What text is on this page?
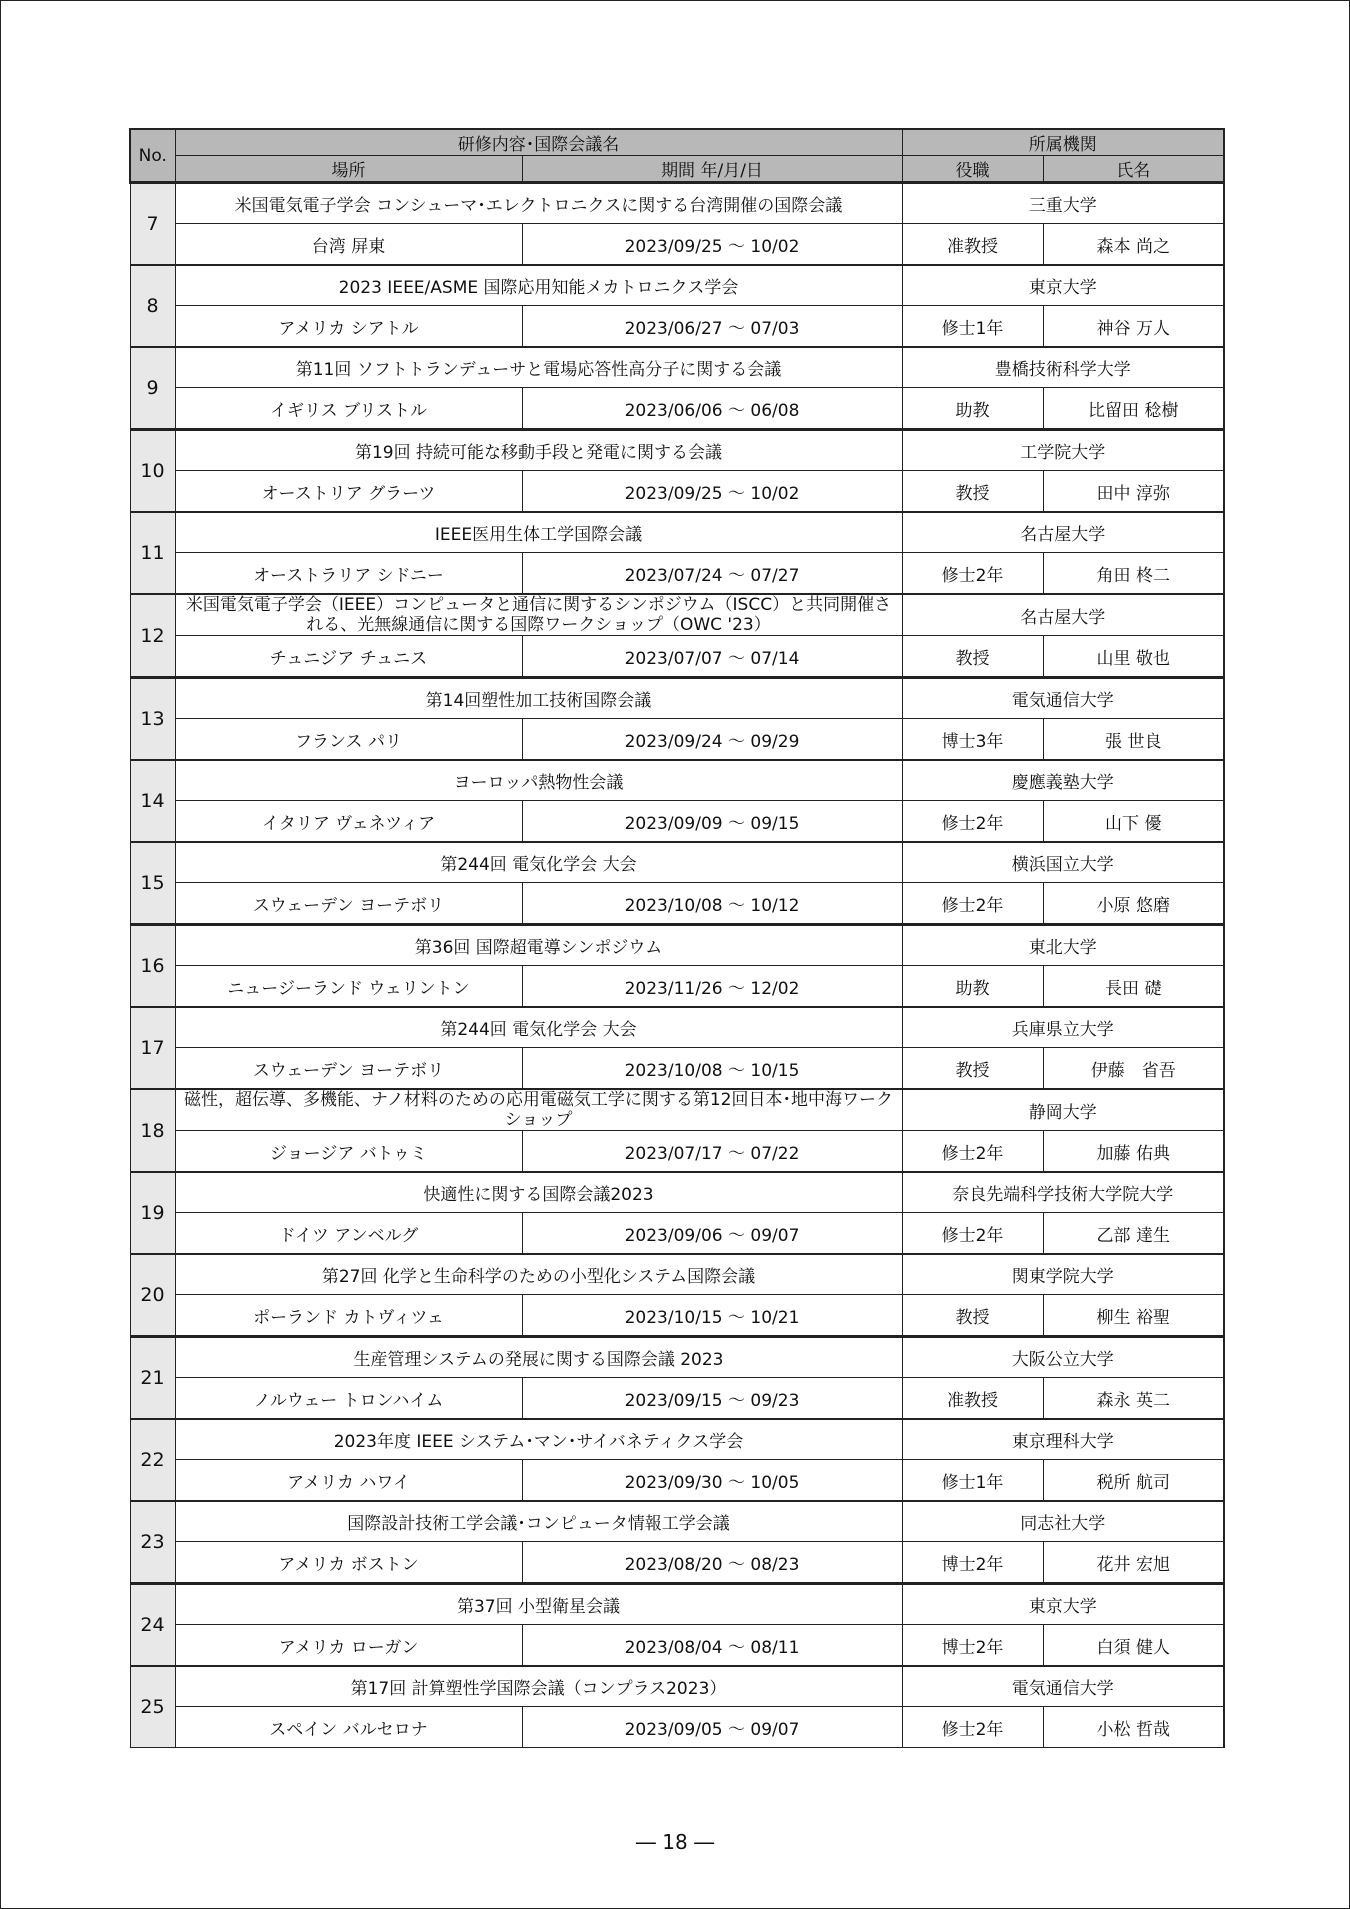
No.	研修内容･国際会議名		所属機関	
	場所	期間 年/月/日	役職	氏名
7	米国電気電子学会 コンシューマ･エレクトロニクスに関する台湾開催の国際会議		三重大学	
	台湾 屏東	2023/09/25 ～ 10/02	准教授	森本 尚之
8	2023 IEEE/ASME 国際応用知能メカトロニクス学会		東京大学	
	アメリカ シアトル	2023/06/27 ～ 07/03	修士1年	神谷 万人
9	第11回 ソフトトランデューサと電場応答性高分子に関する会議		豊橋技術科学大学	
	イギリス ブリストル	2023/06/06 ～ 06/08	助教	比留田 稔樹
10	第19回 持続可能な移動手段と発電に関する会議		工学院大学	
	オーストリア グラーツ	2023/09/25 ～ 10/02	教授	田中 淳弥
11	IEEE医用生体工学国際会議		名古屋大学	
	オーストラリア シドニー	2023/07/24 ～ 07/27	修士2年	角田 柊二
12	米国電気電子学会（IEEE）コンピュータと通信に関するシンポジウム（ISCC）と共同開催される、光無線通信に関する国際ワークショップ（OWC '23）		名古屋大学	
	チュニジア チュニス	2023/07/07 ～ 07/14	教授	山里 敬也
13	第14回塑性加工技術国際会議		電気通信大学	
	フランス パリ	2023/09/24 ～ 09/29	博士3年	張 世良
14	ヨーロッパ熱物性会議		慶應義塾大学	
	イタリア ヴェネツィア	2023/09/09 ～ 09/15	修士2年	山下 優
15	第244回 電気化学会 大会		横浜国立大学	
	スウェーデン ヨーテボリ	2023/10/08 ～ 10/12	修士2年	小原 悠磨
16	第36回 国際超電導シンポジウム		東北大学	
	ニュージーランド ウェリントン	2023/11/26 ～ 12/02	助教	長田 礎
17	第244回 電気化学会 大会		兵庫県立大学	
	スウェーデン ヨーテボリ	2023/10/08 ～ 10/15	教授	伊藤　省吾
18	磁性，超伝導、多機能、ナノ材料のための応用電磁気工学に関する第12回日本･地中海ワークショップ		静岡大学	
	ジョージア バトゥミ	2023/07/17 ～ 07/22	修士2年	加藤 佑典
19	快適性に関する国際会議2023		奈良先端科学技術大学院大学	
	ドイツ アンベルグ	2023/09/06 ～ 09/07	修士2年	乙部 達生
20	第27回 化学と生命科学のための小型化システム国際会議		関東学院大学	
	ポーランド カトヴィツェ	2023/10/15 ～ 10/21	教授	柳生 裕聖
21	生産管理システムの発展に関する国際会議 2023		大阪公立大学	
	ノルウェー トロンハイム	2023/09/15 ～ 09/23	准教授	森永 英二
22	2023年度 IEEE システム･マン･サイバネティクス学会		東京理科大学	
	アメリカ ハワイ	2023/09/30 ～ 10/05	修士1年	税所 航司
23	国際設計技術工学会議･コンピュータ情報工学会議		同志社大学	
	アメリカ ボストン	2023/08/20 ～ 08/23	博士2年	花井 宏旭
24	第37回 小型衛星会議		東京大学	
	アメリカ ローガン	2023/08/04 ～ 08/11	博士2年	白須 健人
25	第17回 計算塑性学国際会議（コンプラス2023）		電気通信大学	
	スペイン バルセロナ	2023/09/05 ～ 09/07	修士2年	小松 哲哉
― 18 ―
